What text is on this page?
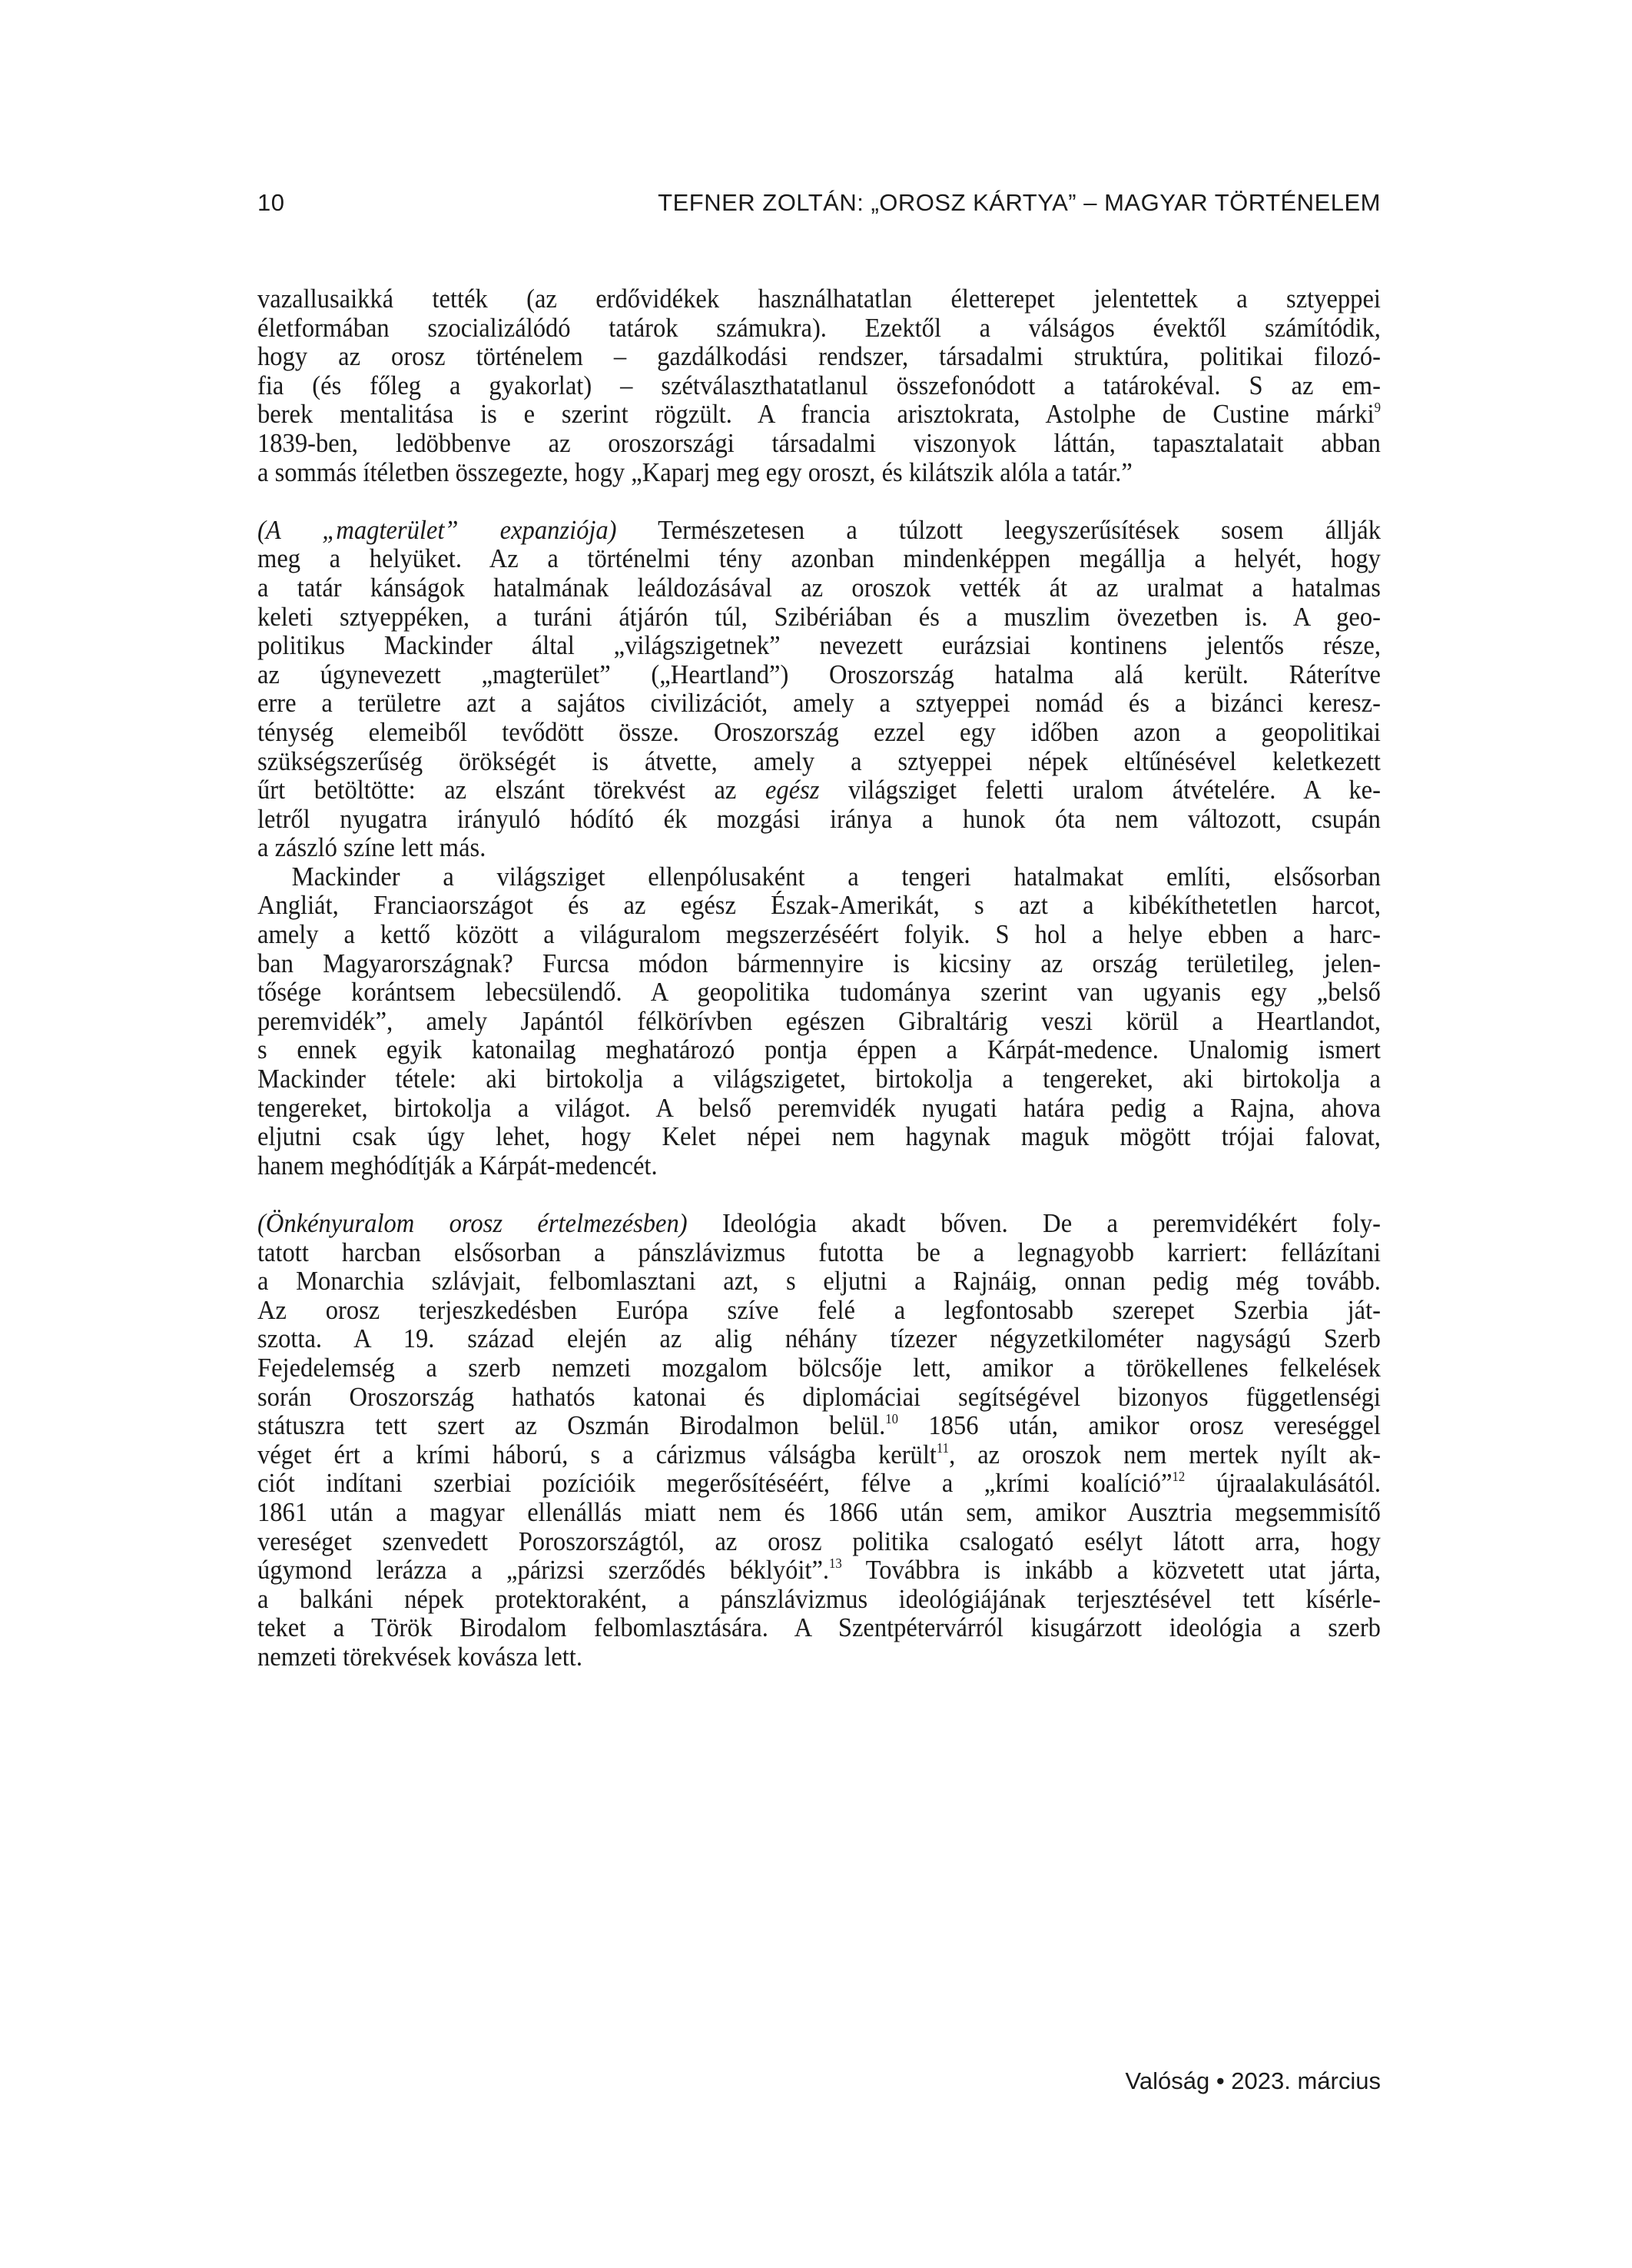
10	TEFNER ZOLTÁN: „OROSZ KÁRTYA” – MAGYAR TÖRTÉNELEM
vazallusaikká tették (az erdővidékek használhatatlan életterepet jelentettek a sztyeppei
életformában szocializálódó tatárok számukra). Ezektől a válságos évektől számítódik,
hogy az orosz történelem – gazdálkodási rendszer, társadalmi struktúra, politikai filozó-
fia (és főleg a gyakorlat) – szétválaszthatatlanul összefonódott a tatárokéval. S az em-
berek mentalitása is e szerint rögzült. A francia arisztokrata, Astolphe de Custine márki$^9$
1839-ben, ledöbbenve az oroszországi társadalmi viszonyok láttán, tapasztalatait abban
a sommás ítéletben összegezte, hogy „Kaparj meg egy oroszt, és kilátszik alóla a tatár.”
(A „magterület” expanziója) Természetesen a túlzott leegyszerűsítések sosem állják
meg a helyüket. Az a történelmi tény azonban mindenképpen megállja a helyét, hogy
a tatár kánságok hatalmának leáldozásával az oroszok vették át az uralmat a hatalmas
keleti sztyeppéken, a turáni átjárón túl, Szibériában és a muszlim övezetben is. A geo-
politikus Mackinder által „világszigetnek” nevezett eurázsiai kontinens jelentős része,
az úgynevezett „magterület” („Heartland”) Oroszország hatalma alá került. Ráterítve
erre a területre azt a sajátos civilizációt, amely a sztyeppei nomád és a bizánci keresz-
ténység elemeiből tevődött össze. Oroszország ezzel egy időben azon a geopolitikai
szükségszerűség örökségét is átvette, amely a sztyeppei népek eltűnésével keletkezett
űrt betöltötte: az elszánt törekvést az egész világsziget feletti uralom átvételére. A ke-
letről nyugatra irányuló hódító ék mozgási iránya a hunok óta nem változott, csupán
a zászló színe lett más.
Mackinder a világsziget ellenpólusaként a tengeri hatalmakat említi, elsősorban
Angliát, Franciaországot és az egész Észak-Amerikát, s azt a kibékíthetetlen harcot,
amely a kettő között a világuralom megszerzéséért folyik. S hol a helye ebben a harc-
ban Magyarországnak? Furcsa módon bármennyire is kicsiny az ország területileg, jelen-
tősége korántsem lebecsülendő. A geopolitika tudománya szerint van ugyanis egy „belső
peremvidék”, amely Japántól félkörívben egészen Gibraltárig veszi körül a Heartlandot,
s ennek egyik katonailag meghatározó pontja éppen a Kárpát-medence. Unalomig ismert
Mackinder tétele: aki birtokolja a világszigetet, birtokolja a tengereket, aki birtokolja a
tengereket, birtokolja a világot. A belső peremvidék nyugati határa pedig a Rajna, ahova
eljutni csak úgy lehet, hogy Kelet népei nem hagynak maguk mögött trójai falovat,
hanem meghódítják a Kárpát-medencét.
(Önkényuralom orosz értelmezésben) Ideológia akadt bőven. De a peremvidékért foly-
tatott harcban elsősorban a pánszlávizmus futotta be a legnagyobb karriert: fellázítani
a Monarchia szlávjait, felbomlasztani azt, s eljutni a Rajnáig, onnan pedig még tovább.
Az orosz terjeszkedésben Európa szíve felé a legfontosabb szerepet Szerbia ját-
szotta. A 19. század elején az alig néhány tízezer négyzetkilométer nagyságú Szerb
Fejedelemség a szerb nemzeti mozgalom bölcsője lett, amikor a törökellenes felkelések
során Oroszország hathatós katonai és diplomáciai segítségével bizonyos függetlenségi
státuszra tett szert az Oszmán Birodalmon belül.$^{10}$ 1856 után, amikor orosz vereséggel
véget ért a krími háború, s a cárizmus válságba került$^{11}$, az oroszok nem mertek nyílt ak-
ciót indítani szerbiai pozícióik megerősítéséért, félve a „krími koalíció”$^{12}$ újraalakulásától.
1861 után a magyar ellenállás miatt nem és 1866 után sem, amikor Ausztria megsemmisítő
vereséget szenvedett Poroszországtól, az orosz politika csalogató esélyt látott arra, hogy
úgymond lerázza a „párizsi szerződés béklyóit”.$^{13}$ Továbbra is inkább a közvetett utat járta,
a balkáni népek protektoraként, a pánszlávizmus ideológiájának terjesztésével tett kísérle-
teket a Török Birodalom felbomlasztására. A Szentpétervárról kisugárzott ideológia a szerb
nemzeti törekvések kovásza lett.
Valóság • 2023. március
